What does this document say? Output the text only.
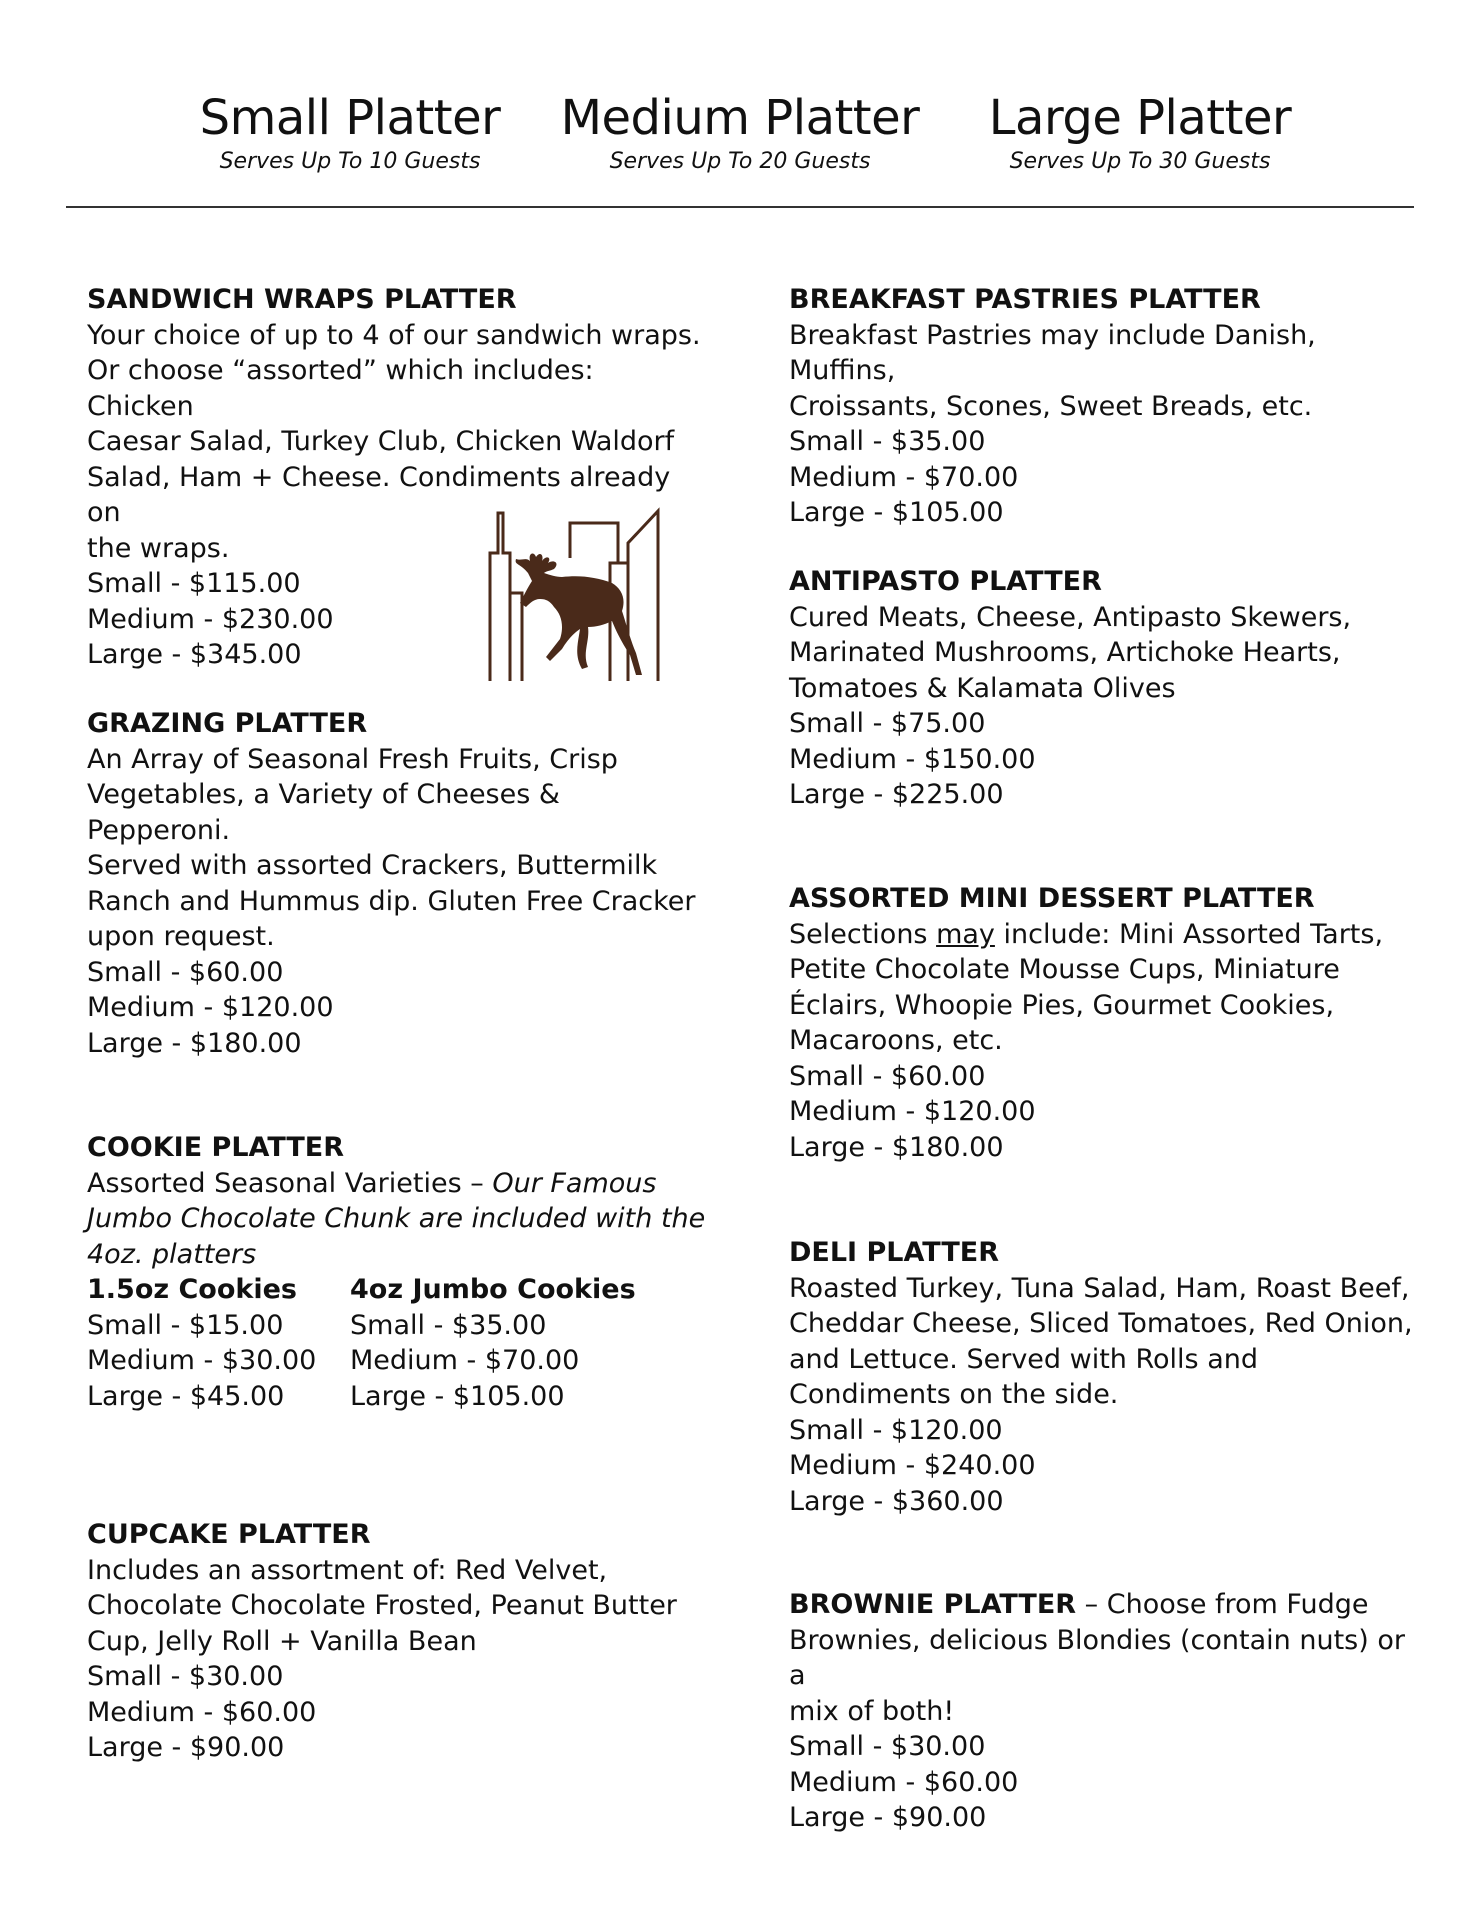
Small Platter
Serves Up To 10 Guests
Medium Platter
Serves Up To 20 Guests
Large Platter
Serves Up To 30 Guests
SANDWICH WRAPS PLATTER
Your choice of up to 4 of our sandwich wraps.
Or choose “assorted” which includes: Chicken
Caesar Salad, Turkey Club, Chicken Waldorf
Salad, Ham + Cheese. Condiments already on
the wraps.
Small - $115.00
Medium - $230.00
Large - $345.00
GRAZING PLATTER
An Array of Seasonal Fresh Fruits, Crisp
Vegetables, a Variety of Cheeses & Pepperoni.
Served with assorted Crackers, Buttermilk
Ranch and Hummus dip. Gluten Free Cracker
upon request.
Small - $60.00
Medium - $120.00
Large - $180.00
COOKIE PLATTER
Assorted Seasonal Varieties – Our Famous
Jumbo Chocolate Chunk are included with the
4oz. platters
1.5oz Cookies
Small - $15.00
Medium - $30.00
Large - $45.00
4oz Jumbo Cookies
Small - $35.00
Medium - $70.00
Large - $105.00
CUPCAKE PLATTER
Includes an assortment of: Red Velvet,
Chocolate Chocolate Frosted, Peanut Butter
Cup, Jelly Roll + Vanilla Bean
Small - $30.00
Medium - $60.00
Large - $90.00
BREAKFAST PASTRIES PLATTER
Breakfast Pastries may include Danish, Muffins,
Croissants, Scones, Sweet Breads, etc.
Small - $35.00
Medium - $70.00
Large - $105.00
ANTIPASTO PLATTER
Cured Meats, Cheese, Antipasto Skewers,
Marinated Mushrooms, Artichoke Hearts,
Tomatoes & Kalamata Olives
Small - $75.00
Medium - $150.00
Large - $225.00
ASSORTED MINI DESSERT PLATTER
Selections may include: Mini Assorted Tarts,
Petite Chocolate Mousse Cups, Miniature
Éclairs, Whoopie Pies, Gourmet Cookies,
Macaroons, etc.
Small - $60.00
Medium - $120.00
Large - $180.00
DELI PLATTER
Roasted Turkey, Tuna Salad, Ham, Roast Beef,
Cheddar Cheese, Sliced Tomatoes, Red Onion,
and Lettuce. Served with Rolls and
Condiments on the side.
Small - $120.00
Medium - $240.00
Large - $360.00
BROWNIE PLATTER – Choose from Fudge
Brownies, delicious Blondies (contain nuts) or a
mix of both!
Small - $30.00
Medium - $60.00
Large - $90.00
